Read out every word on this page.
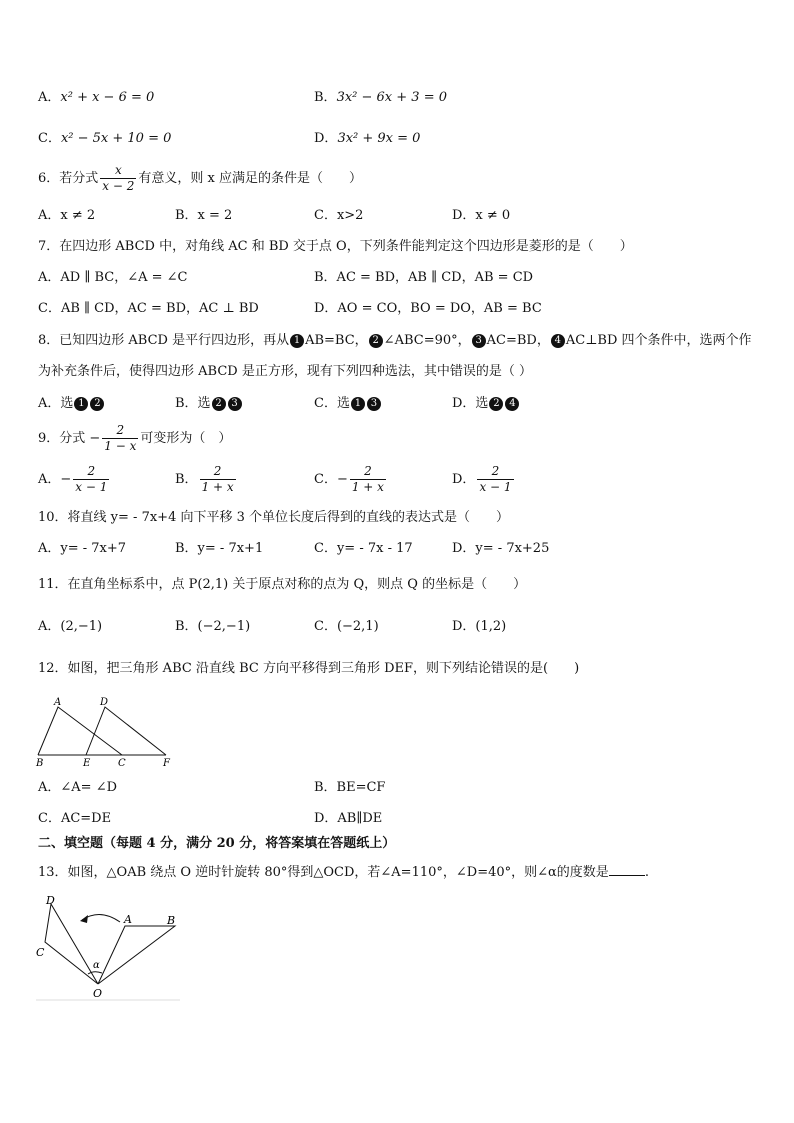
A．x² + x − 6 = 0	B．3x² − 6x + 3 = 0
C．x² − 5x + 10 = 0	D．3x² + 9x = 0
6．若分式 $\frac{x}{x - 2}$ 有意义，则 x 应满足的条件是（　　）
A．x ≠ 2	B．x = 2	C．x>2	D．x ≠ 0
7．在四边形 ABCD 中，对角线 AC 和 BD 交于点 O，下列条件能判定这个四边形是菱形的是（　　）
A．AD ∥ BC，∠A = ∠C	B．AC = BD，AB ∥ CD，AB = CD
C．AB ∥ CD，AC = BD，AC ⊥ BD	D．AO = CO，BO = DO，AB = BC
8．已知四边形 ABCD 是平行四边形，再从 1 AB=BC， 2 ∠ABC=90°， 3 AC=BD， 4 AC⊥BD 四个条件中，选两个作
为补充条件后，使得四边形 ABCD 是正方形，现有下列四种选法，其中错误的是（ ）
A．选 1 2	B．选 2 3	C．选 1 3	D．选 2 4
9．分式 − $\frac{2}{1 - x}$ 可变形为（　）
A．− $\frac{2}{x - 1}$	B． $\frac{2}{1 + x}$	C．− $\frac{2}{1 + x}$	D． $\frac{2}{x - 1}$
10．将直线 y= - 7x+4 向下平移 3 个单位长度后得到的直线的表达式是（　　）
A．y= - 7x+7	B．y= - 7x+1	C．y= - 7x - 17	D．y= - 7x+25
11．在直角坐标系中，点 P(2,1) 关于原点对称的点为 Q，则点 Q 的坐标是（　　）
A．(2,−1)	B．(−2,−1)	C．(−2,1)	D．(1,2)
12．如图，把三角形 ABC 沿直线 BC 方向平移得到三角形 DEF，则下列结论错误的是(　　)
A	D
B	E	C	F
A．∠A= ∠D	B．BE=CF
C．AC=DE	D．AB∥DE
二、填空题（每题 4 分，满分 20 分，将答案填在答题纸上）
13．如图，△OAB 绕点 O 逆时针旋转 80°得到△OCD，若∠A=110°，∠D=40°，则∠α的度数是	.
D
A	B
C
O
α
